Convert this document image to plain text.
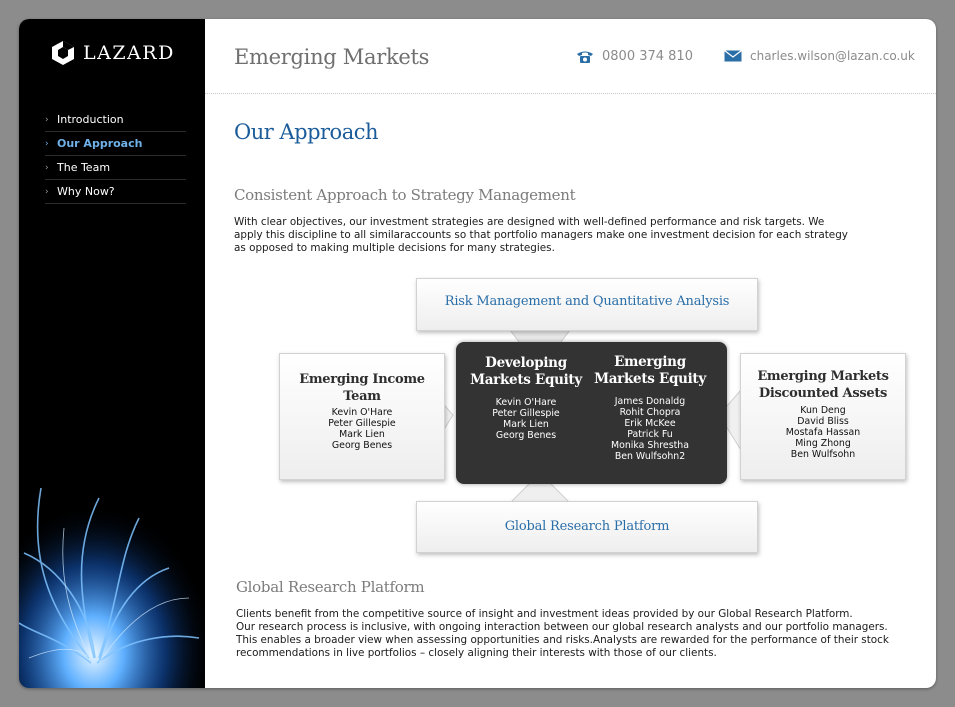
LAZARD
› Introduction
› Our Approach
› The Team
› Why Now?
Emerging Markets	0800 374 810	charles.wilson@lazan.co.uk
Our Approach
Consistent Approach to Strategy Management
With clear objectives, our investment strategies are designed with well-defined performance and risk targets. We
apply this discipline to all similaraccounts so that portfolio managers make one investment decision for each strategy
as opposed to making multiple decisions for many strategies.
Risk Management and Quantitative Analysis
Global Research Platform
Emerging Income
Team
Kevin O'Hare
Peter Gillespie
Mark Lien
Georg Benes
Emerging Markets
Discounted Assets
Kun Deng
David Bliss
Mostafa Hassan
Ming Zhong
Ben Wulfsohn
Developing
Markets Equity
Kevin O'Hare
Peter Gillespie
Mark Lien
Georg Benes
Emerging
Markets Equity
James Donaldց
Rohit Chopra
Erik McKee
Patrick Fu
Monika Shrestha
Ben Wulfsohn2
Global Research Platform
Clients benefit from the competitive source of insight and investment ideas provided by our Global Research Platform.
Our research process is inclusive, with ongoing interaction between our global research analysts and our portfolio managers.
This enables a broader view when assessing opportunities and risks.Analysts are rewarded for the performance of their stock
recommendations in live portfolios – closely aligning their interests with those of our clients.
